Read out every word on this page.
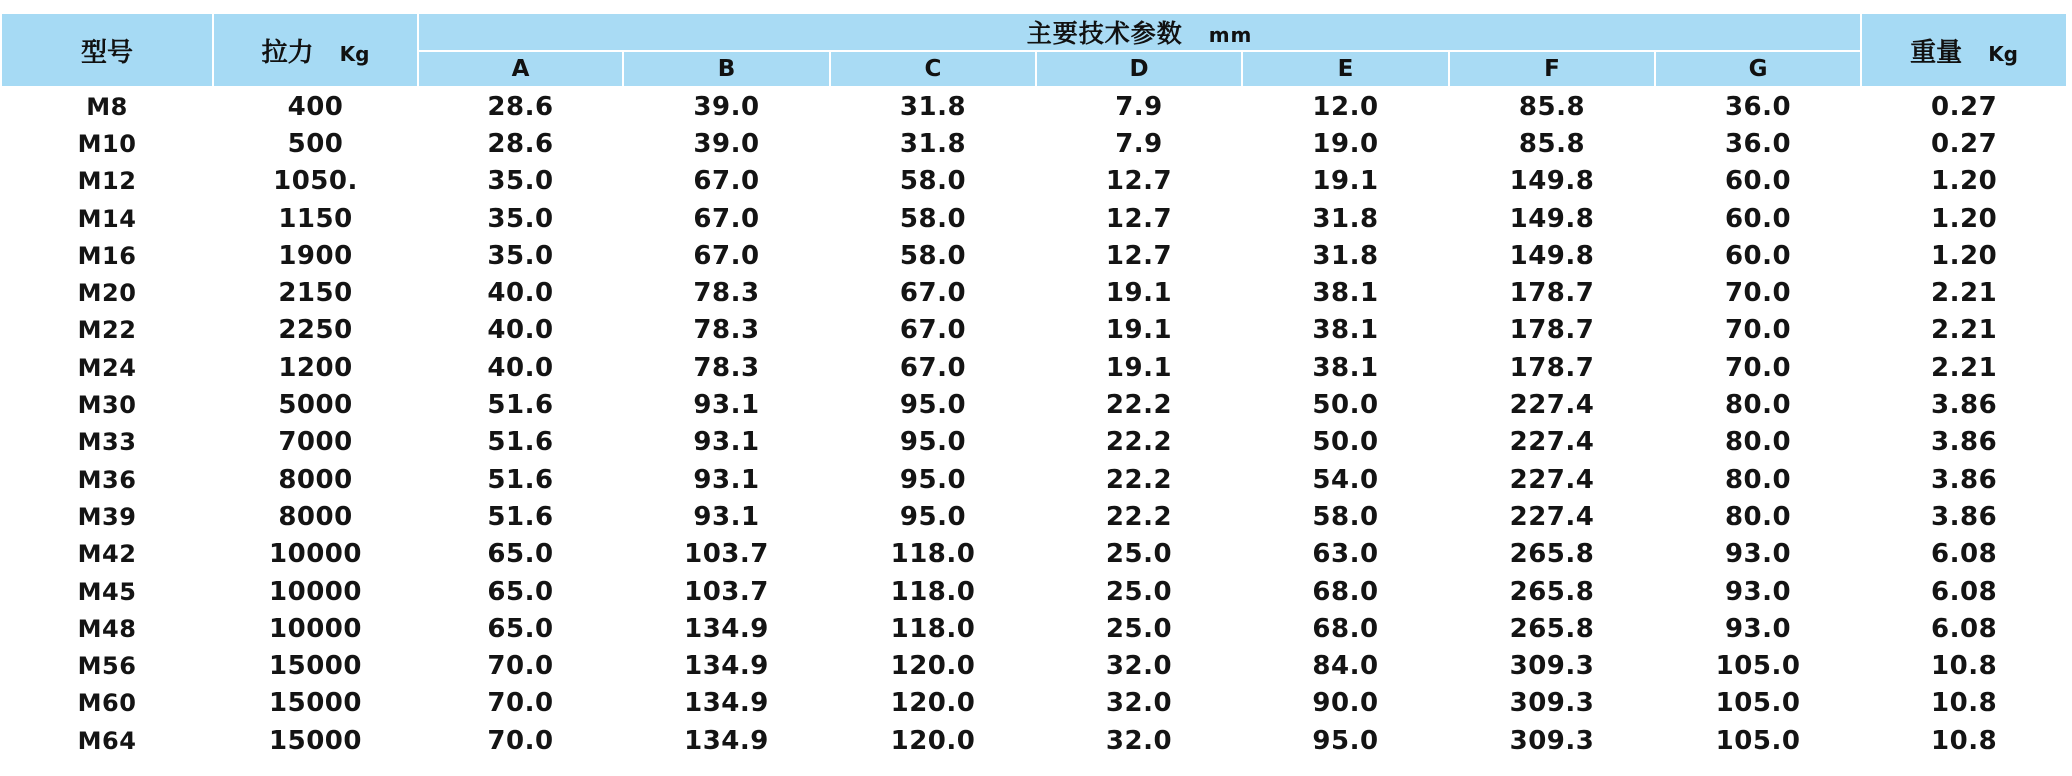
型号	拉力 Kg	主要技术参数 mm							重量 Kg
		A	B	C	D	E	F	G	
M8	400	28.6	39.0	31.8	7.9	12.0	85.8	36.0	0.27
M10	500	28.6	39.0	31.8	7.9	19.0	85.8	36.0	0.27
M12	1050.	35.0	67.0	58.0	12.7	19.1	149.8	60.0	1.20
M14	1150	35.0	67.0	58.0	12.7	31.8	149.8	60.0	1.20
M16	1900	35.0	67.0	58.0	12.7	31.8	149.8	60.0	1.20
M20	2150	40.0	78.3	67.0	19.1	38.1	178.7	70.0	2.21
M22	2250	40.0	78.3	67.0	19.1	38.1	178.7	70.0	2.21
M24	1200	40.0	78.3	67.0	19.1	38.1	178.7	70.0	2.21
M30	5000	51.6	93.1	95.0	22.2	50.0	227.4	80.0	3.86
M33	7000	51.6	93.1	95.0	22.2	50.0	227.4	80.0	3.86
M36	8000	51.6	93.1	95.0	22.2	54.0	227.4	80.0	3.86
M39	8000	51.6	93.1	95.0	22.2	58.0	227.4	80.0	3.86
M42	10000	65.0	103.7	118.0	25.0	63.0	265.8	93.0	6.08
M45	10000	65.0	103.7	118.0	25.0	68.0	265.8	93.0	6.08
M48	10000	65.0	134.9	118.0	25.0	68.0	265.8	93.0	6.08
M56	15000	70.0	134.9	120.0	32.0	84.0	309.3	105.0	10.8
M60	15000	70.0	134.9	120.0	32.0	90.0	309.3	105.0	10.8
M64	15000	70.0	134.9	120.0	32.0	95.0	309.3	105.0	10.8
